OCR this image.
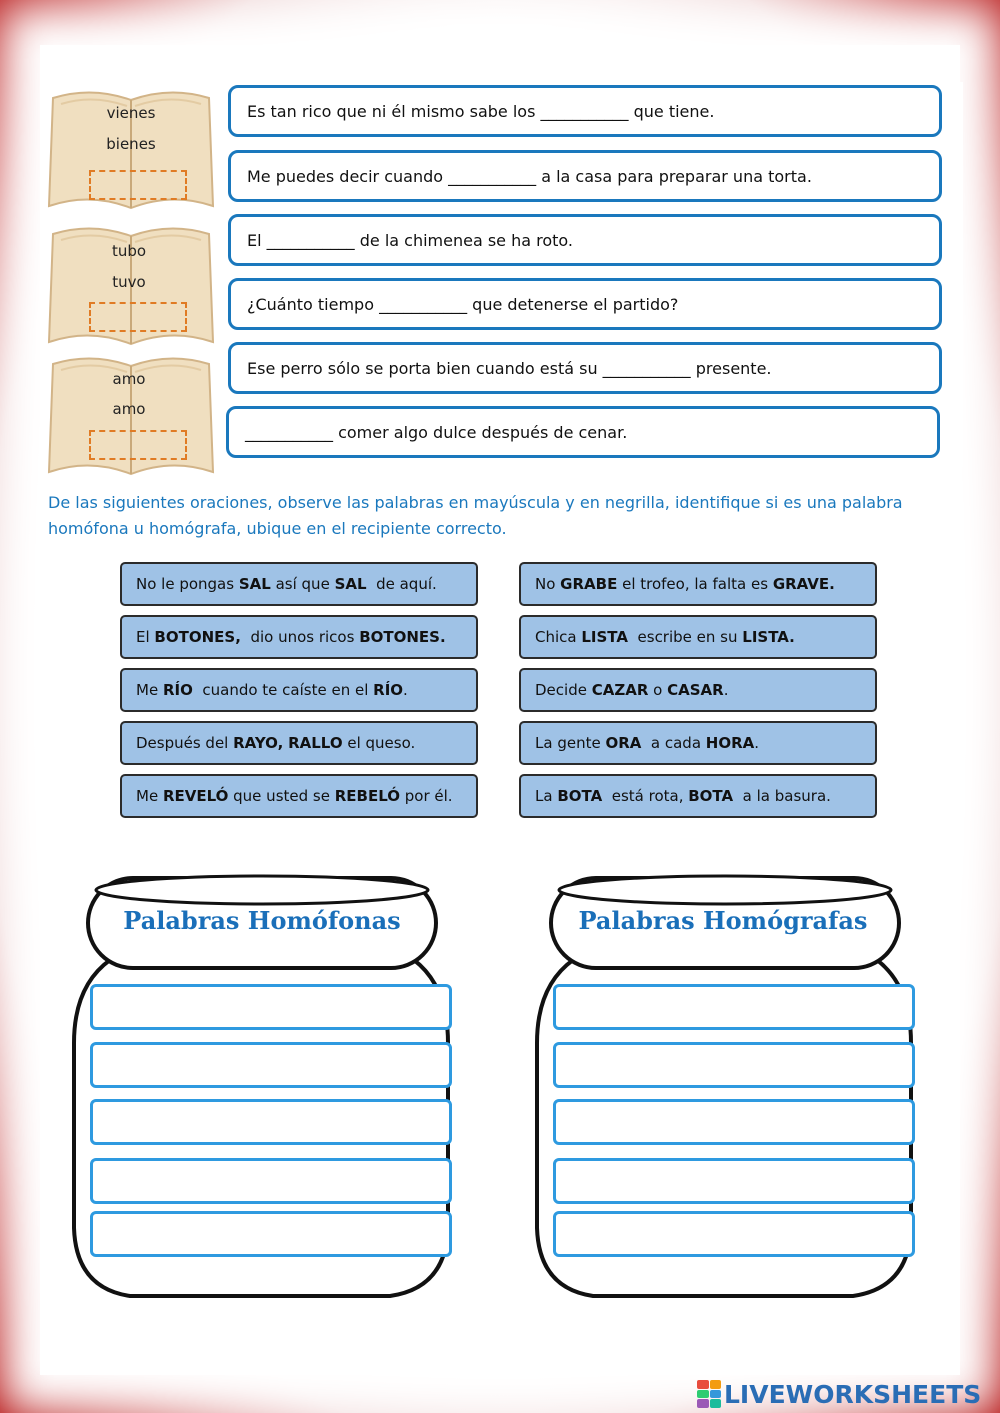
vienes
bienes
tubo
tuvo
amo
amo
Es tan rico que ni él mismo sabe los ___________ que tiene.
Me puedes decir cuando ___________ a la casa para preparar una torta.
El ___________ de la chimenea se ha roto.
¿Cuánto tiempo ___________ que detenerse el partido?
Ese perro sólo se porta bien cuando está su ___________ presente.
___________ comer algo dulce después de cenar.
De las siguientes oraciones, observe las palabras en mayúscula y en negrilla, identifique si es una palabra homófona u homógrafa, ubique en el recipiente correcto.
No le pongas SAL así que SAL  de aquí.
El BOTONES,  dio unos ricos BOTONES.
Me RÍO  cuando te caíste en el RÍO.
Después del RAYO, RALLO el queso.
Me REVELÓ que usted se REBELÓ por él.
No GRABE el trofeo, la falta es GRAVE.
Chica LISTA  escribe en su LISTA.
Decide CAZAR o CASAR.
La gente ORA  a cada HORA.
La BOTA  está rota, BOTA  a la basura.
Palabras Homófonas	Palabras Homógrafas
LIVEWORKSHEETS
